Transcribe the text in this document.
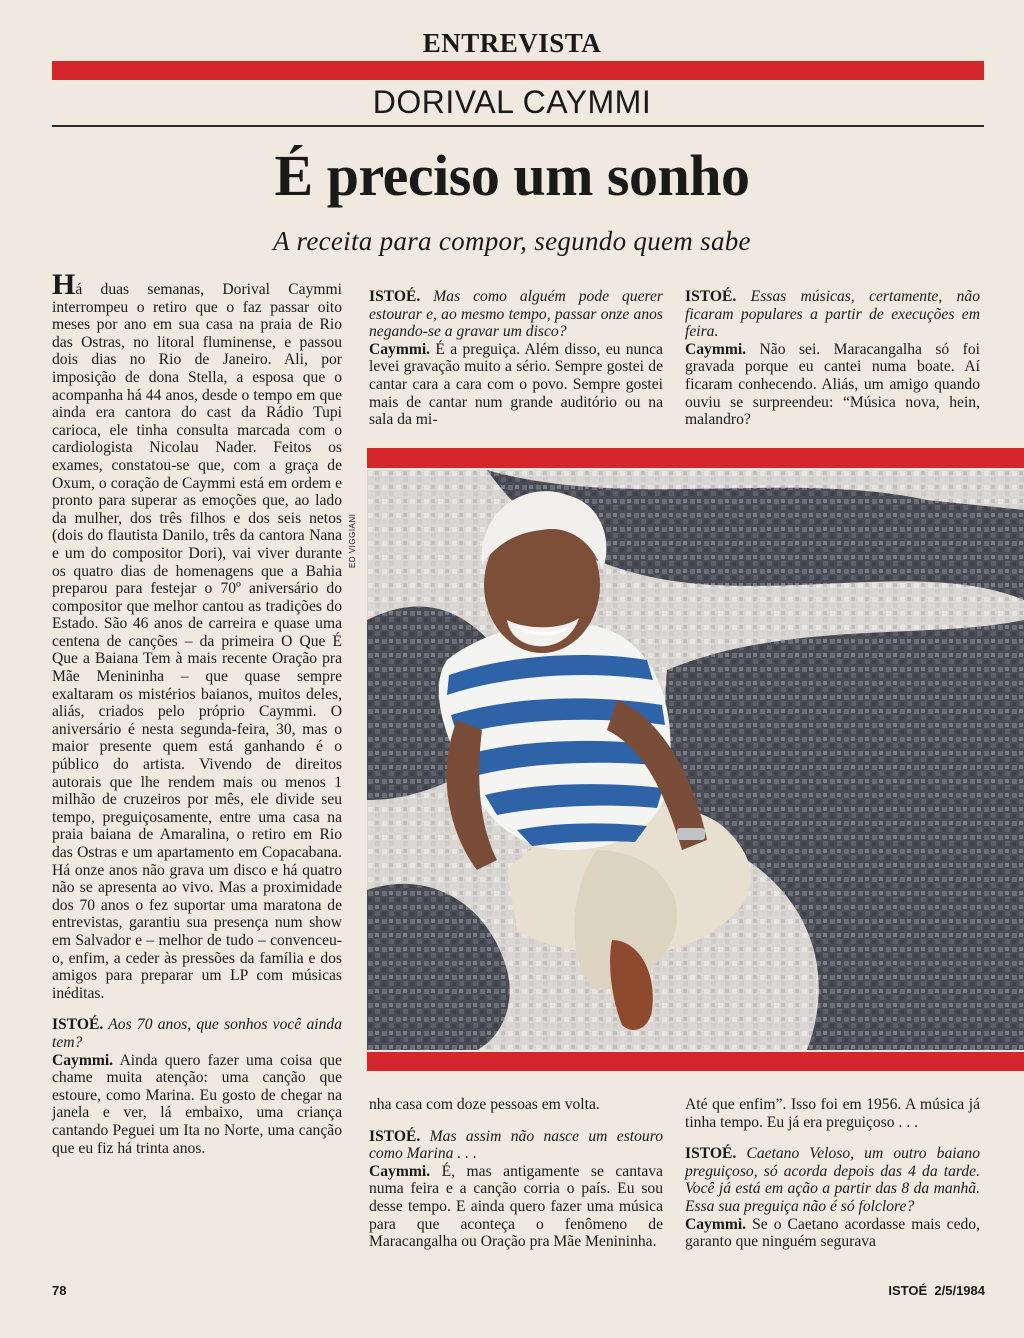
ENTREVISTA
DORIVAL CAYMMI
É preciso um sonho
A receita para compor, segundo quem sabe

Há duas semanas, Dorival Caymmi interrompeu o retiro que o faz passar oito meses por ano em sua casa na praia de Rio das Ostras, no litoral fluminense, e passou dois dias no Rio de Janeiro. Ali, por imposição de dona Stella, a esposa que o acompanha há 44 anos, desde o tempo em que ainda era cantora do cast da Rádio Tupi carioca, ele tinha consulta marcada com o cardiologista Nicolau Nader. Feitos os exames, constatou-se que, com a graça de Oxum, o coração de Caymmi está em ordem e pronto para superar as emoções que, ao lado da mulher, dos três filhos e dos seis netos (dois do flautista Danilo, três da cantora Nana e um do compositor Dori), vai viver durante os quatro dias de homenagens que a Bahia preparou para festejar o 70º aniversário do compositor que melhor cantou as tradições do Estado. São 46 anos de carreira e quase uma centena de canções – da primeira O Que É Que a Baiana Tem à mais recente Oração pra Mãe Menininha – que quase sempre exaltaram os mistérios baianos, muitos deles, aliás, criados pelo próprio Caymmi. O aniversário é nesta segunda-feira, 30, mas o maior presente quem está ganhando é o público do artista. Vivendo de direitos autorais que lhe rendem mais ou menos 1 milhão de cruzeiros por mês, ele divide seu tempo, preguiçosamente, entre uma casa na praia baiana de Amaralina, o retiro em Rio das Ostras e um apartamento em Copacabana. Há onze anos não grava um disco e há quatro não se apresenta ao vivo. Mas a proximidade dos 70 anos o fez suportar uma maratona de entrevistas, garantiu sua presença num show em Salvador e – melhor de tudo – convenceu-o, enfim, a ceder às pressões da família e dos amigos para preparar um LP com músicas inéditas.

ISTOÉ. Aos 70 anos, que sonhos você ainda tem?

Caymmi. Ainda quero fazer uma coisa que chame muita atenção: uma canção que estoure, como Marina. Eu gosto de chegar na janela e ver, lá embaixo, uma criança cantando Peguei um Ita no Norte, uma canção que eu fiz há trinta anos.

ISTOÉ. Mas como alguém pode querer estourar e, ao mesmo tempo, passar onze anos negando-se a gravar um disco?

Caymmi. É a preguiça. Além disso, eu nunca levei gravação muito a sério. Sempre gostei de cantar cara a cara com o povo. Sempre gostei mais de cantar num grande auditório ou na sala da mi-

ISTOÉ. Essas músicas, certamente, não ficaram populares a partir de execuções em feira.

Caymmi. Não sei. Maracangalha só foi gravada porque eu cantei numa boate. Aí ficaram conhecendo. Aliás, um amigo quando ouviu se surpreendeu: “Música nova, hein, malandro?

ED VIGGIANI

nha casa com doze pessoas em volta.

ISTOÉ. Mas assim não nasce um estouro como Marina . . .

Caymmi. É, mas antigamente se cantava numa feira e a canção corria o país. Eu sou desse tempo. E ainda quero fazer uma música para que aconteça o fenômeno de Maracangalha ou Oração pra Mãe Menininha.

Até que enfim”. Isso foi em 1956. A música já tinha tempo. Eu já era preguiçoso . . .

ISTOÉ. Caetano Veloso, um outro baiano preguiçoso, só acorda depois das 4 da tarde. Você já está em ação a partir das 8 da manhã. Essa sua preguiça não é só folclore?

Caymmi. Se o Caetano acordasse mais cedo, garanto que ninguém segurava

78	ISTOÉ  2/5/1984
